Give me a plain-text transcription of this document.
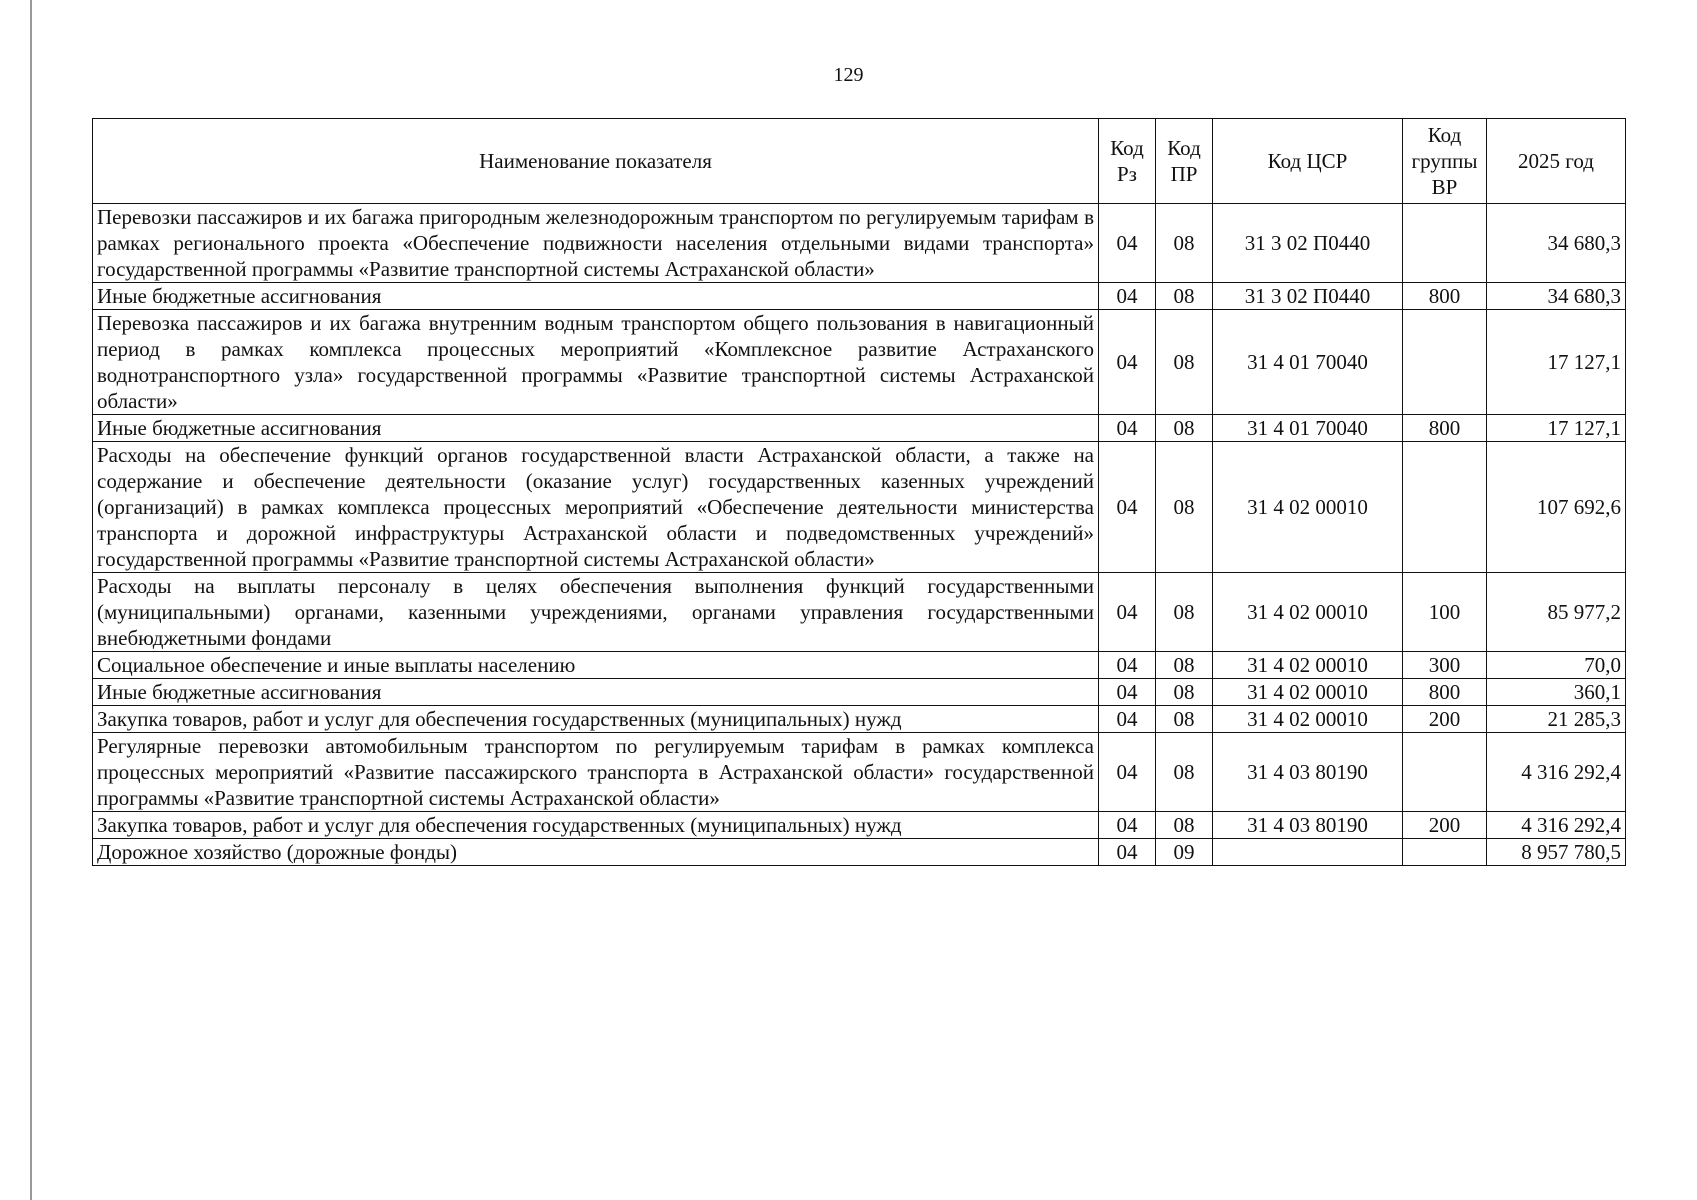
129
Наименование показателя	Код Рз	Код ПР	Код ЦСР	Код группы ВР	2025 год
Перевозки пассажиров и их багажа пригородным железнодорожным транспортом по регулируемым тарифам в рамках регионального проекта «Обеспечение подвижности населения отдельными видами транспорта» государственной программы «Развитие транспортной системы Астраханской области»	04	08	31 3 02 П0440		34 680,3
Иные бюджетные ассигнования	04	08	31 3 02 П0440	800	34 680,3
Перевозка пассажиров и их багажа внутренним водным транспортом общего пользования в навигационный период в рамках комплекса процессных мероприятий «Комплексное развитие Астраханского воднотранспортного узла» государственной программы «Развитие транспортной системы Астраханской области»	04	08	31 4 01 70040		17 127,1
Иные бюджетные ассигнования	04	08	31 4 01 70040	800	17 127,1
Расходы на обеспечение функций органов государственной власти Астраханской области, а также на содержание и обеспечение деятельности (оказание услуг) государственных казенных учреждений (организаций) в рамках комплекса процессных мероприятий «Обеспечение деятельности министерства транспорта и дорожной инфраструктуры Астраханской области и подведомственных учреждений» государственной программы «Развитие транспортной системы Астраханской области»	04	08	31 4 02 00010		107 692,6
Расходы на выплаты персоналу в целях обеспечения выполнения функций государственными (муниципальными) органами, казенными учреждениями, органами управления государственными внебюджетными фондами	04	08	31 4 02 00010	100	85 977,2
Социальное обеспечение и иные выплаты населению	04	08	31 4 02 00010	300	70,0
Иные бюджетные ассигнования	04	08	31 4 02 00010	800	360,1
Закупка товаров, работ и услуг для обеспечения государственных (муниципальных) нужд	04	08	31 4 02 00010	200	21 285,3
Регулярные перевозки автомобильным транспортом по регулируемым тарифам в рамках комплекса процессных мероприятий «Развитие пассажирского транспорта в Астраханской области» государственной программы «Развитие транспортной системы Астраханской области»	04	08	31 4 03 80190		4 316 292,4
Закупка товаров, работ и услуг для обеспечения государственных (муниципальных) нужд	04	08	31 4 03 80190	200	4 316 292,4
Дорожное хозяйство (дорожные фонды)	04	09			8 957 780,5
